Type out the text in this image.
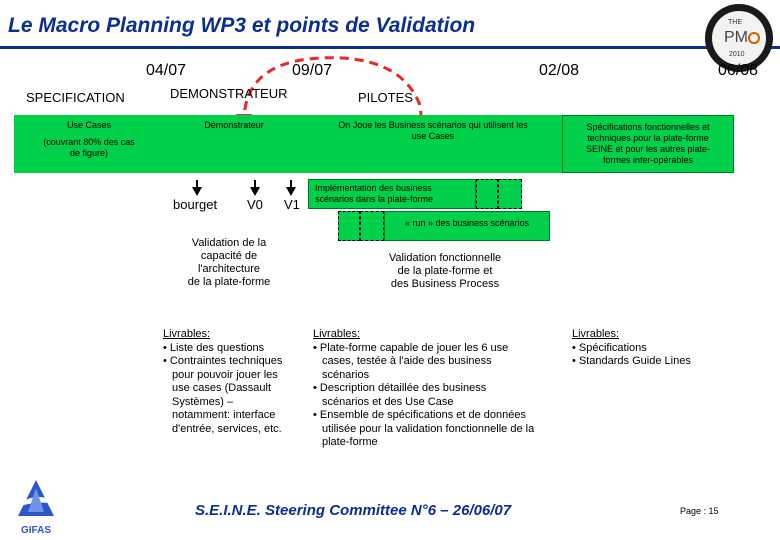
Le Macro Planning WP3 et points de Validation	THE
PM
2010
04/07	09/07	02/08	06/08
SPECIFICATION	DEMONSTRATEUR	PILOTES
Use Cases
(couvrant 80% des cas
de figure)
Démonstrateur	On Joue les Business scénarios qui utilisent les
use Cases
Spécifications fonctionnelles et
techniques pour la plate-forme
SEINE et pour les autres plate-
formes inter-opérables
bourget V0 V1
Implémentation des business
scénarios dans la plate-forme
« run » des business scénarios
Validation de la
capacité de
l'architecture
de la plate-forme
Validation fonctionnelle
de la plate-forme et
des Business Process
Livrables:
• Liste des questions
• Contraintes techniques
pour pouvoir jouer les
use cases (Dassault
Systèmes) –
notamment: interface
d'entrée, services, etc.
Livrables:
• Plate-forme capable de jouer les 6 use
cases, testée à l'aide des business
scénarios
• Description détaillée des business
scénarios et des Use Case
• Ensemble de spécifications et de données
utilisée pour la validation fonctionnelle de la
plate-forme
Livrables:
• Spécifications
• Standards Guide Lines
GIFAS
S.E.I.N.E. Steering Committee N°6 – 26/06/07	Page : 15
